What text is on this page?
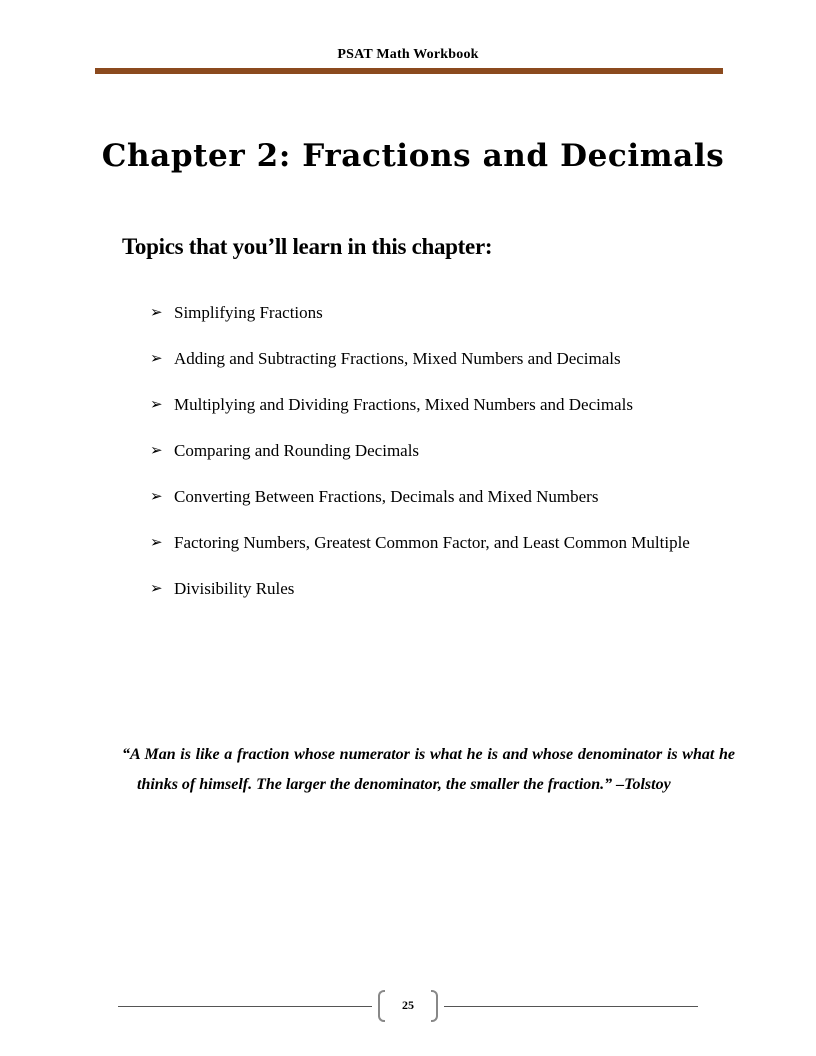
PSAT Math Workbook
Chapter 2: Fractions and Decimals
Topics that you’ll learn in this chapter:
➢ Simplifying Fractions
➢ Adding and Subtracting Fractions, Mixed Numbers and Decimals
➢ Multiplying and Dividing Fractions, Mixed Numbers and Decimals
➢ Comparing and Rounding Decimals
➢ Converting Between Fractions, Decimals and Mixed Numbers
➢ Factoring Numbers, Greatest Common Factor, and Least Common Multiple
➢ Divisibility Rules

“A Man is like a fraction whose numerator is what he is and whose denominator is what he thinks of himself. The larger the denominator, the smaller the fraction.” –Tolstoy

25
